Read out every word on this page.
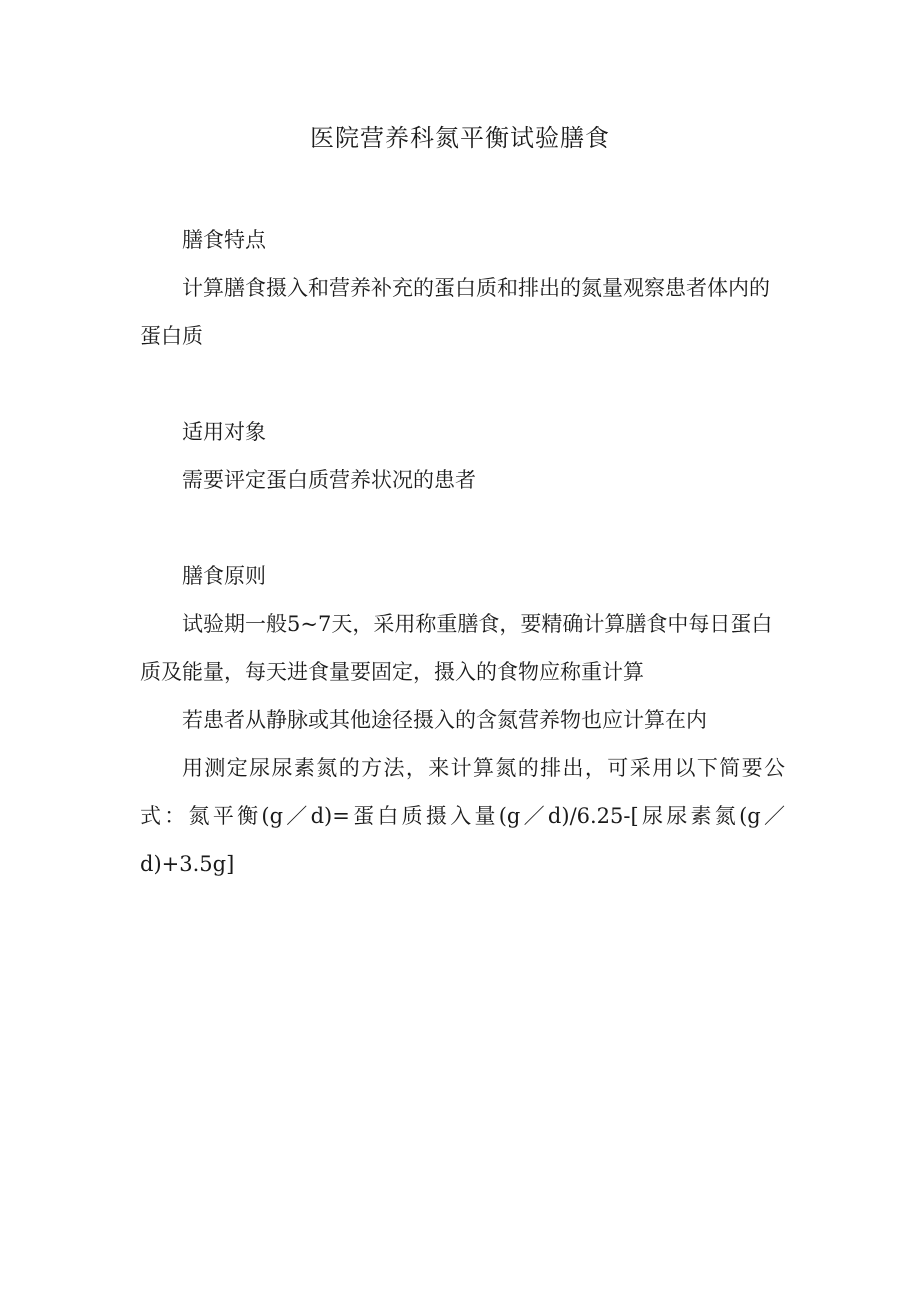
医院营养科氮平衡试验膳食

膳食特点

计算膳食摄入和营养补充的蛋白质和排出的氮量观察患者体内的蛋白质

适用对象

需要评定蛋白质营养状况的患者

膳食原则

试验期一般5~7天，采用称重膳食，要精确计算膳食中每日蛋白质及能量，每天进食量要固定，摄入的食物应称重计算

若患者从静脉或其他途径摄入的含氮营养物也应计算在内

用测定尿尿素氮的方法，来计算氮的排出，可采用以下简要公式：氮平衡(g／d)=蛋白质摄入量(g／d)/6.25-[尿尿素氮(g／d)+3.5g]
